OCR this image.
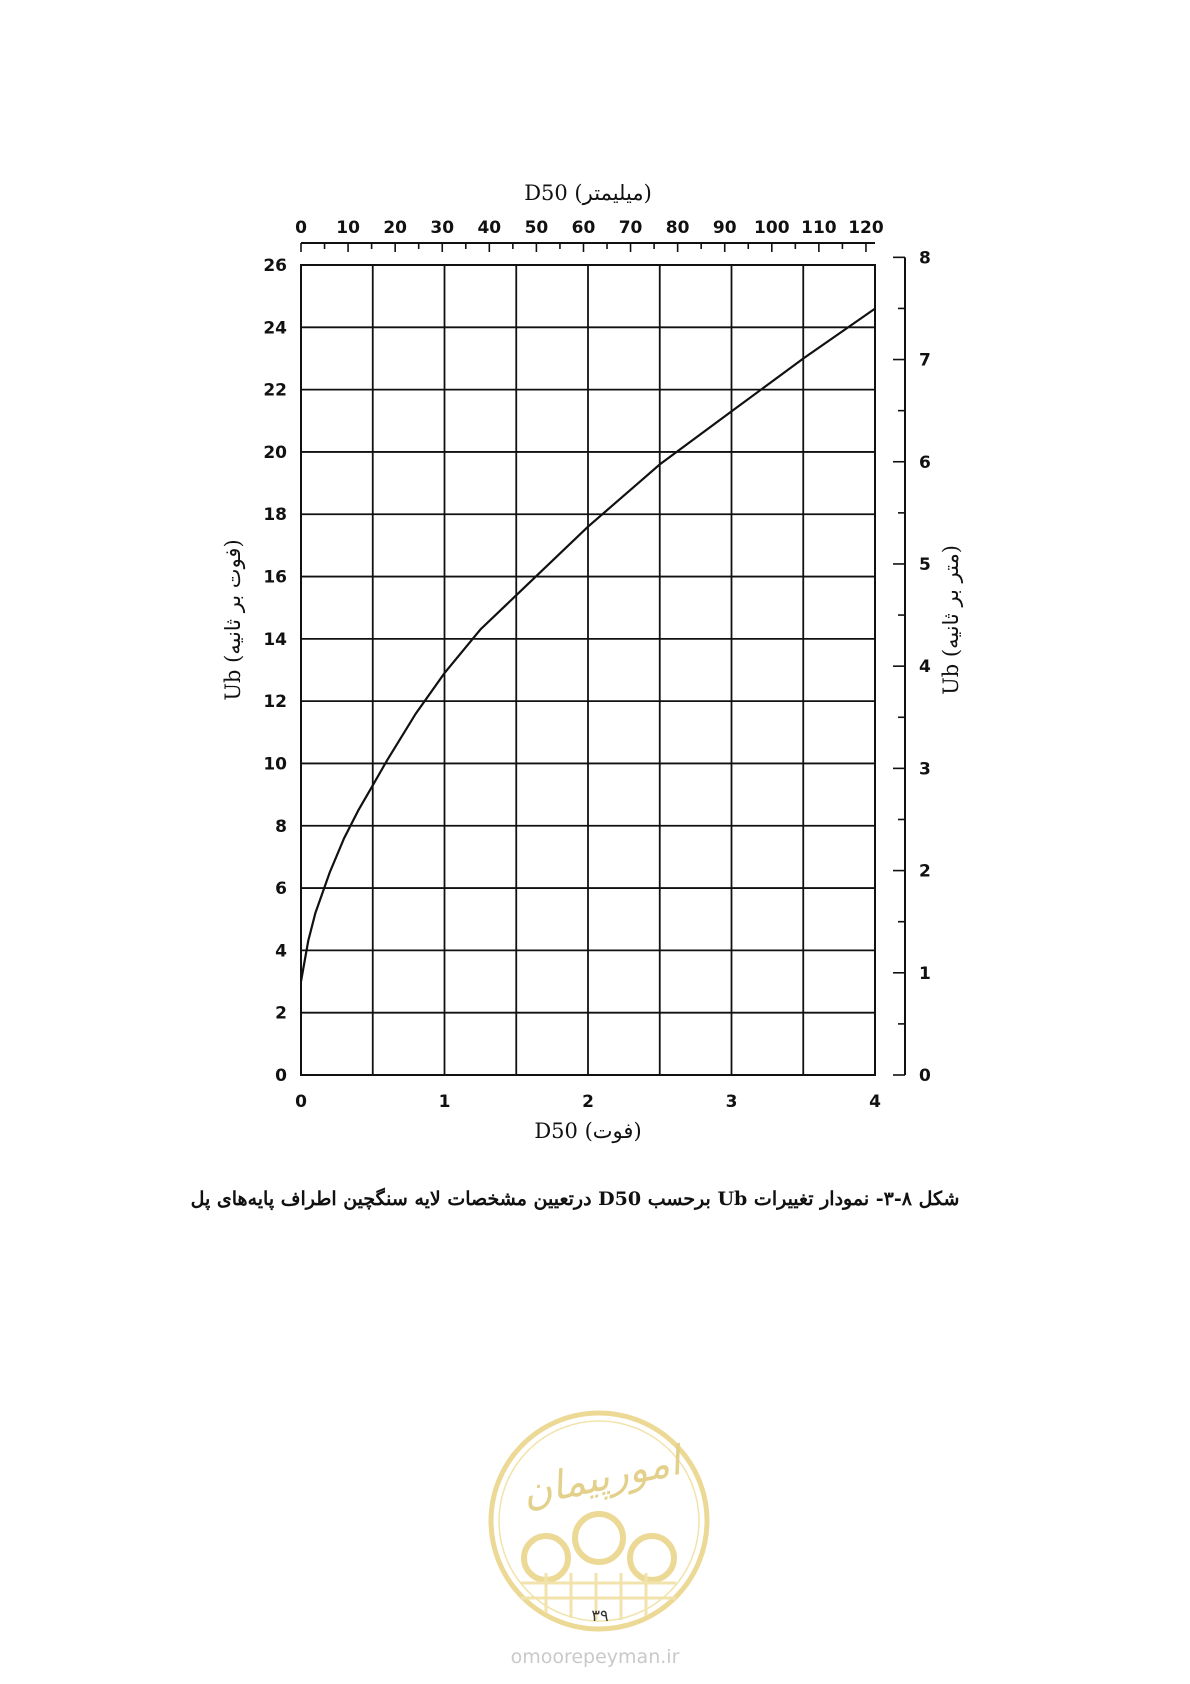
0 10 20 30 40 50 60 70 80 90 100 110 120
0
1
2
3
4
5
6
7
8
0
2
4
6
8
10
12
14
16
18
20
22
24
26
0	1	2	3	4
D50 (میلیمتر)
D50 (فوت)
Ub (فوت بر ثانیه)
Ub (متر بر ثانیه)
شکل ۸-۳- نمودار تغییرات Ub برحسب D50 درتعیین مشخصات لایه سنگچین اطراف پایه‌های پل
امورپیمان
۳۹
omoorepeyman.ir
